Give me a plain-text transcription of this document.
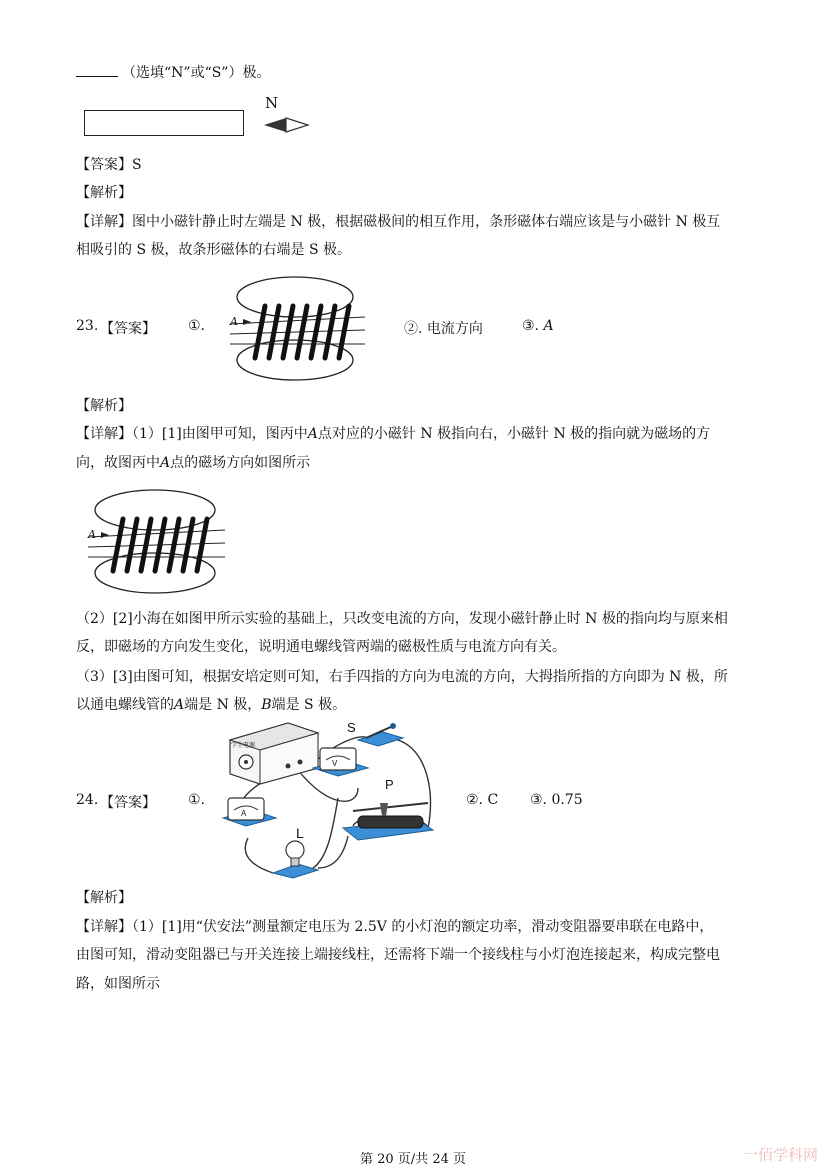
（选填“N”或“S”）极。
N
【答案】S
【解析】
【详解】图中小磁针静止时左端是 N 极，根据磁极间的相互作用，条形磁体右端应该是与小磁针 N 极互
相吸引的 S 极，故条形磁体的右端是 S 极。
23. 【答案】 ①. A	②. 电流方向	③. A
【解析】
【详解】（1）[1]由图甲可知，图丙中A点对应的小磁针 N 极指向右，小磁针 N 极的指向就为磁场的方
向，故图丙中A点的磁场方向如图所示
A
（2）[2]小海在如图甲所示实验的基础上，只改变电流的方向，发现小磁针静止时 N 极的指向均与原来相
反，即磁场的方向发生变化，说明通电螺线管两端的磁极性质与电流方向有关。
（3）[3]由图可知，根据安培定则可知，右手四指的方向为电流的方向，大拇指所指的方向即为 N 极，所
以通电螺线管的A端是 N 极，B端是 S 极。
24. 【答案】 ①.
学生电源
S
P
L
A
V
②. C ③. 0.75
【解析】
【详解】（1）[1]用“伏安法”测量额定电压为 2.5V 的小灯泡的额定功率，滑动变阻器要串联在电路中，
由图可知，滑动变阻器已与开关连接上端接线柱，还需将下端一个接线柱与小灯泡连接起来，构成完整电
路，如图所示
第 20 页/共 24 页	一佰学科网
